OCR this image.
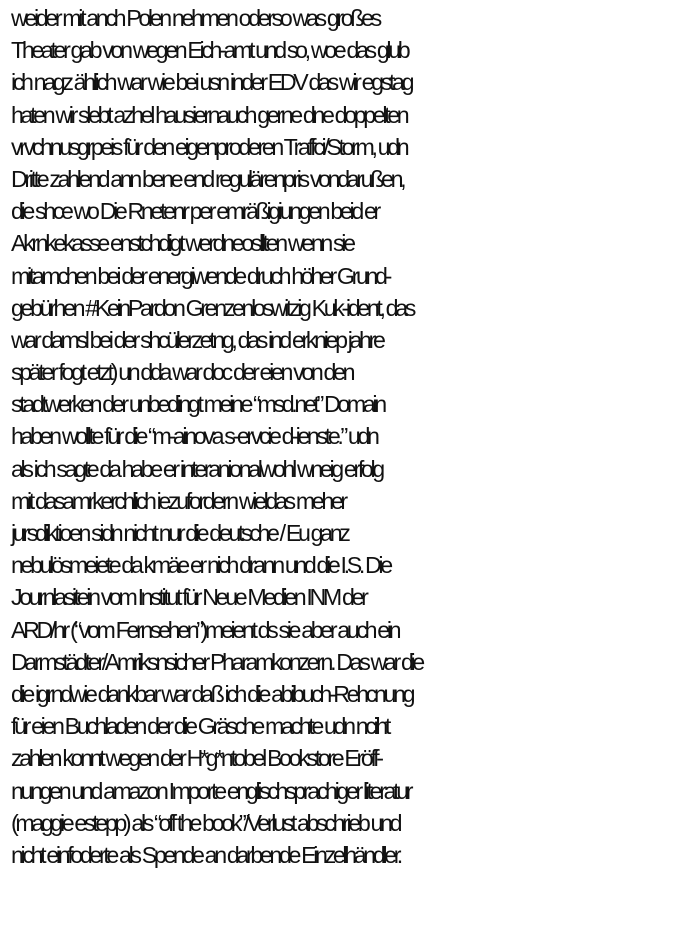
weider mit anch Polen nehmen oderso was großes
Theater gab von wegen Eich-amt und so, woe das glub
ich nagz ählich war wie bei usn inder EDV das wir egstag
haten wir slebt azhel hausiernauch gerne dne doppelten
vrvchnusgrpeis für den eigenproderen Traffci/Storm, udn
Dritte zahlend ann bene end regulärenpris vondarußen,
die shce wo Die Rnetenr per emräßigiungen beid er
Akrnkekasse enstchdigt werdneosllten wenn sie
mitamchen bei der energiwende druch höher Grund-
gebürhen #KeinPardon Grenzenloswitzig Kuk-ident, das
war damsl bei der shcülerzetng, das ind erkniep jahre
später fogt etzt) un dda war doc der eien von den
stadtwerken der unbedingt meine “msd.net” Domain
haben wollte für die “m-ainova s-ervcie d-ienste.” udn
als ich sagte da habe er interanionalwohl wneig erfolg
mit dasamrkerchlich iezufordern wieldas meher
jursdiktioen sidn nicht nur die deutsche / Eu ganz
nebulösmeiete da kmäe er nich drann und die I.S. Die
Journlasitein vom Institut für Neue Medien INM der
ARD/hr (“vom Fernsehen”)meient ds sie aber auch ein
Darmstädter/Amriksnsicher Pharamkonzern. Das war die
die igrndwie dankbar war daß ich die abibuch-Rehcnung
für eien Buchladen der die Gräsche machte udn nciht
zahlen konnt wegen der H*g*ntobel Bookstore Eröff-
nungen und amazon Importe englischsprachiger literatur
(maggie estepp) als “off the book”/Verlust abschrieb und
nicht einfoderte als Spende an darbende Einzelhändler.
